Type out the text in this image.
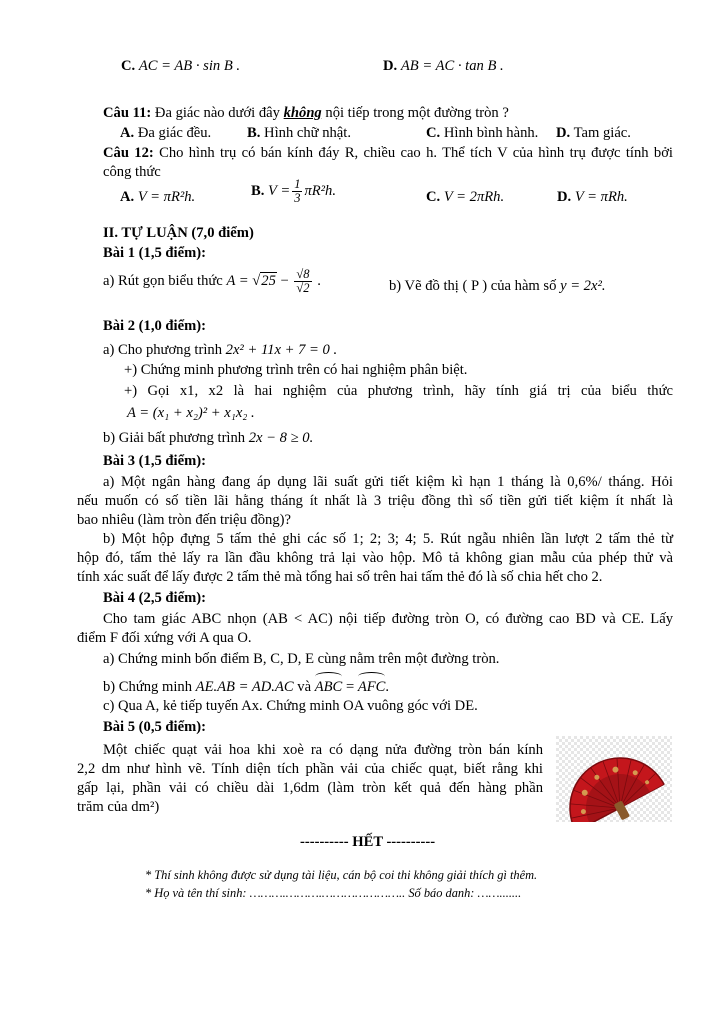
C. AC = AB · sin B .	D. AB = AC · tan B .
Câu 11: Đa giác nào dưới đây không nội tiếp trong một đường tròn ?
A. Đa giác đều. B. Hình chữ nhật.	C. Hình bình hành. D. Tam giác.
Câu 12: Cho hình trụ có bán kính đáy R, chiều cao h. Thể tích V của hình trụ được tính bởi
công thức
A. V = πR²h.	B. $V = \frac{1}{3} \pi R^2h$.	C. V = 2πRh.	D. V = πRh.
II. TỰ LUẬN (7,0 điểm)
Bài 1 (1,5 điểm):
a) Rút gọn biểu thức $A = √25 - \frac{√8}{√2}$ .	b) Vẽ đồ thị ( P ) của hàm số y = 2x².
Bài 2 (1,0 điểm):
a) Cho phương trình 2x² + 11x + 7 = 0 .
+) Chứng minh phương trình trên có hai nghiệm phân biệt.
+) Gọi x1, x2 là hai nghiệm của phương trình, hãy tính giá trị của biểu thức
A = (x₁ + x₂)² + x₁x₂ .
b) Giải bất phương trình 2x − 8 ≥ 0.
Bài 3 (1,5 điểm):
a) Một ngân hàng đang áp dụng lãi suất gửi tiết kiệm kì hạn 1 tháng là 0,6%/ tháng. Hỏi
nếu muốn có số tiền lãi hằng tháng ít nhất là 3 triệu đồng thì số tiền gửi tiết kiệm ít nhất là
bao nhiêu (làm tròn đến triệu đồng)?
b) Một hộp đựng 5 tấm thẻ ghi các số 1; 2; 3; 4; 5. Rút ngẫu nhiên lần lượt 2 tấm thẻ từ
hộp đó, tấm thẻ lấy ra lần đầu không trả lại vào hộp. Mô tả không gian mẫu của phép thử và
tính xác suất để lấy được 2 tấm thẻ mà tổng hai số trên hai tấm thẻ đó là số chia hết cho 2.
Bài 4 (2,5 điểm):
Cho tam giác ABC nhọn (AB < AC) nội tiếp đường tròn O, có đường cao BD và CE. Lấy
điểm F đối xứng với A qua O.
a) Chứng minh bốn điểm B, C, D, E cùng nằm trên một đường tròn.
b) Chứng minh AE.AB = AD.AC và ABC = AFC.
c) Qua A, kẻ tiếp tuyến Ax. Chứng minh OA vuông góc với DE.
Bài 5 (0,5 điểm):
Một chiếc quạt vải hoa khi xoè ra có dạng nửa đường tròn bán kính
2,2 dm như hình vẽ. Tính diện tích phần vải của chiếc quạt, biết rằng khi
gấp lại, phần vải có chiều dài 1,6dm (làm tròn kết quả đến hàng phần
trăm của dm²)
---------- HẾT ----------
* Thí sinh không được sử dụng tài liệu, cán bộ coi thi không giải thích gì thêm.
* Họ và tên thí sinh: ……….……….………………….. Số báo danh: …….......
